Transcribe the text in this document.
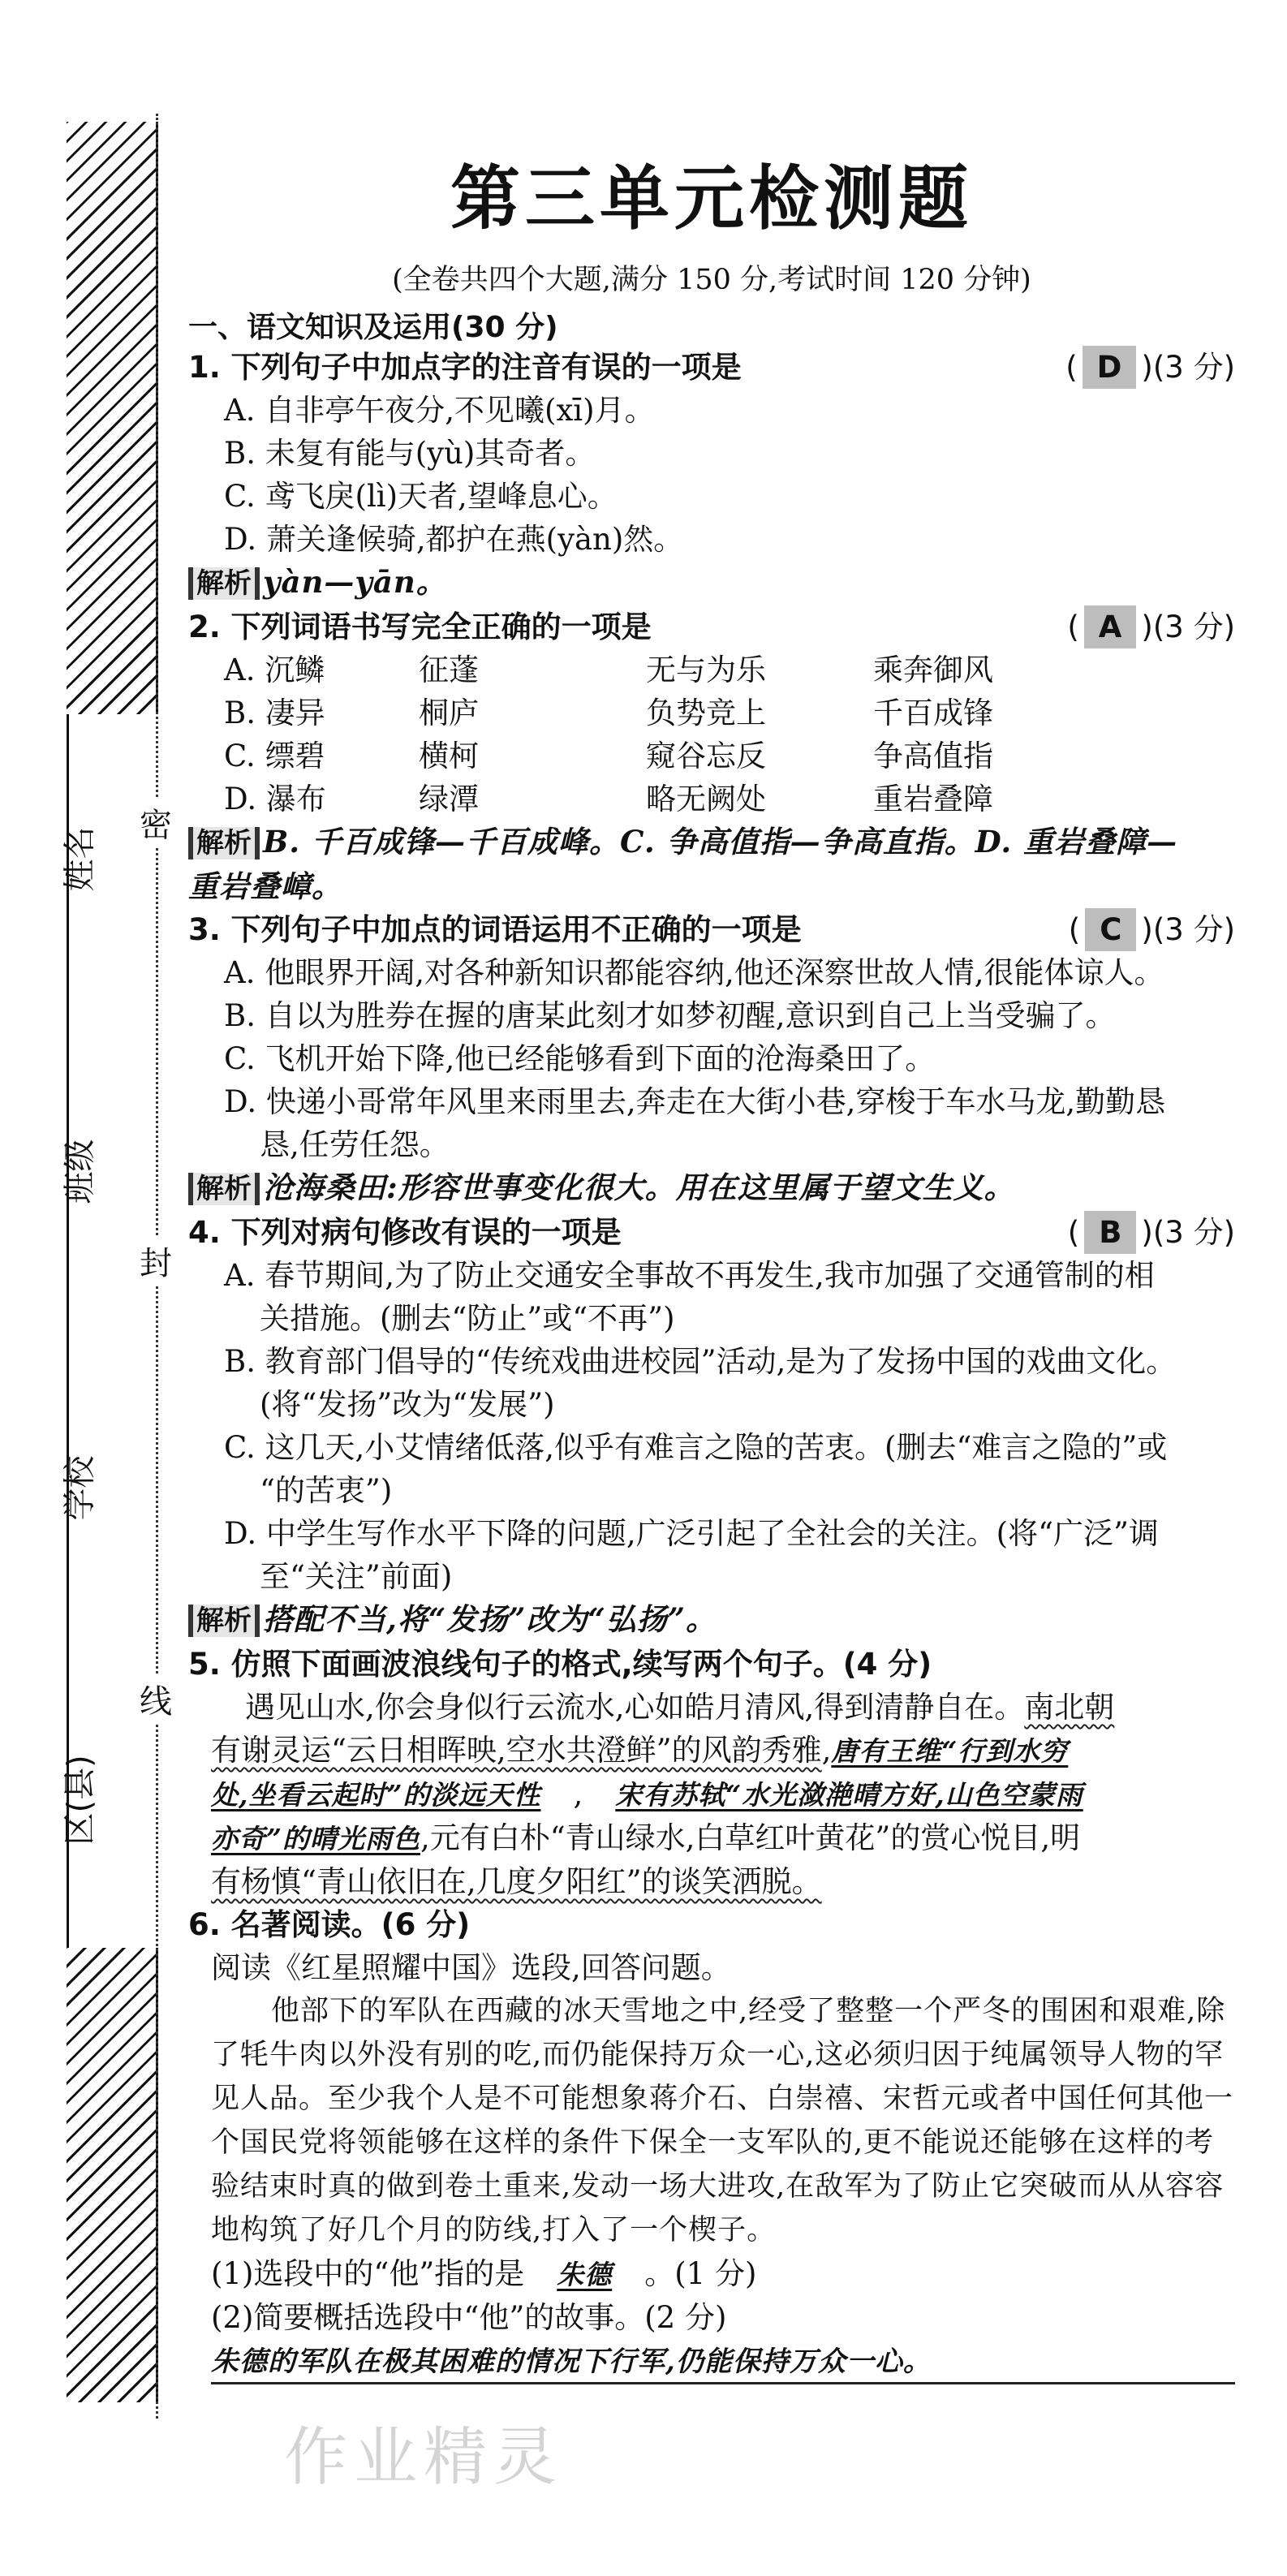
姓名
班级
学校
区(县)
密
封
线
第三单元检测题
(全卷共四个大题,满分 150 分,考试时间 120 分钟)
一、语文知识及运用(30 分)
1. 下列句子中加点字的注音有误的一项是	( D )(3 分)
A. 自非亭午夜分,不见曦(xī)月。
B. 未复有能与(yù)其奇者。
C. 鸢飞戾(lì)天者,望峰息心。
D. 萧关逢候骑,都护在燕(yàn)然。
解析 yàn—yān。
2. 下列词语书写完全正确的一项是	( A )(3 分)
A. 沉鳞	征蓬	无与为乐	乘奔御风
B. 凄异	桐庐	负势竞上	千百成锋
C. 缥碧	横柯	窥谷忘反	争高值指
D. 瀑布	绿潭	略无阙处	重岩叠障
解析 B. 千百成锋—千百成峰。C. 争高值指—争高直指。D. 重岩叠障—
重岩叠嶂。
3. 下列句子中加点的词语运用不正确的一项是	( C )(3 分)
A. 他眼界开阔,对各种新知识都能容纳,他还深察世故人情,很能体谅人。
B. 自以为胜券在握的唐某此刻才如梦初醒,意识到自己上当受骗了。
C. 飞机开始下降,他已经能够看到下面的沧海桑田了。
D. 快递小哥常年风里来雨里去,奔走在大街小巷,穿梭于车水马龙,勤勤恳
恳,任劳任怨。
解析 沧海桑田:形容世事变化很大。用在这里属于望文生义。
4. 下列对病句修改有误的一项是	( B )(3 分)
A. 春节期间,为了防止交通安全事故不再发生,我市加强了交通管制的相
关措施。(删去“防止”或“不再”)
B. 教育部门倡导的“传统戏曲进校园”活动,是为了发扬中国的戏曲文化。
(将“发扬”改为“发展”)
C. 这几天,小艾情绪低落,似乎有难言之隐的苦衷。(删去“难言之隐的”或
“的苦衷”)
D. 中学生写作水平下降的问题,广泛引起了全社会的关注。(将“广泛”调
至“关注”前面)
解析 搭配不当,将“发扬”改为“弘扬”。
5. 仿照下面画波浪线句子的格式,续写两个句子。(4 分)
遇见山水,你会身似行云流水,心如皓月清风,得到清静自在。南北朝
有谢灵运“云日相晖映,空水共澄鲜”的风韵秀雅,唐有王维“行到水穷
处,坐看云起时”的淡远天性 , 宋有苏轼“水光潋滟晴方好,山色空蒙雨
亦奇”的晴光雨色,元有白朴“青山绿水,白草红叶黄花”的赏心悦目,明
有杨慎“青山依旧在,几度夕阳红”的谈笑洒脱。
6. 名著阅读。(6 分)
阅读《红星照耀中国》选段,回答问题。
他部下的军队在西藏的冰天雪地之中,经受了整整一个严冬的围困和艰难,除了牦牛肉以外没有别的吃,而仍能保持万众一心,这必须归因于纯属领导人物的罕见人品。至少我个人是不可能想象蒋介石、白崇禧、宋哲元或者中国任何其他一个国民党将领能够在这样的条件下保全一支军队的,更不能说还能够在这样的考验结束时真的做到卷土重来,发动一场大进攻,在敌军为了防止它突破而从从容容地构筑了好几个月的防线,打入了一个楔子。
(1)选段中的“他”指的是 朱德 。(1 分)
(2)简要概括选段中“他”的故事。(2 分)
朱德的军队在极其困难的情况下行军,仍能保持万众一心。
作业精灵
